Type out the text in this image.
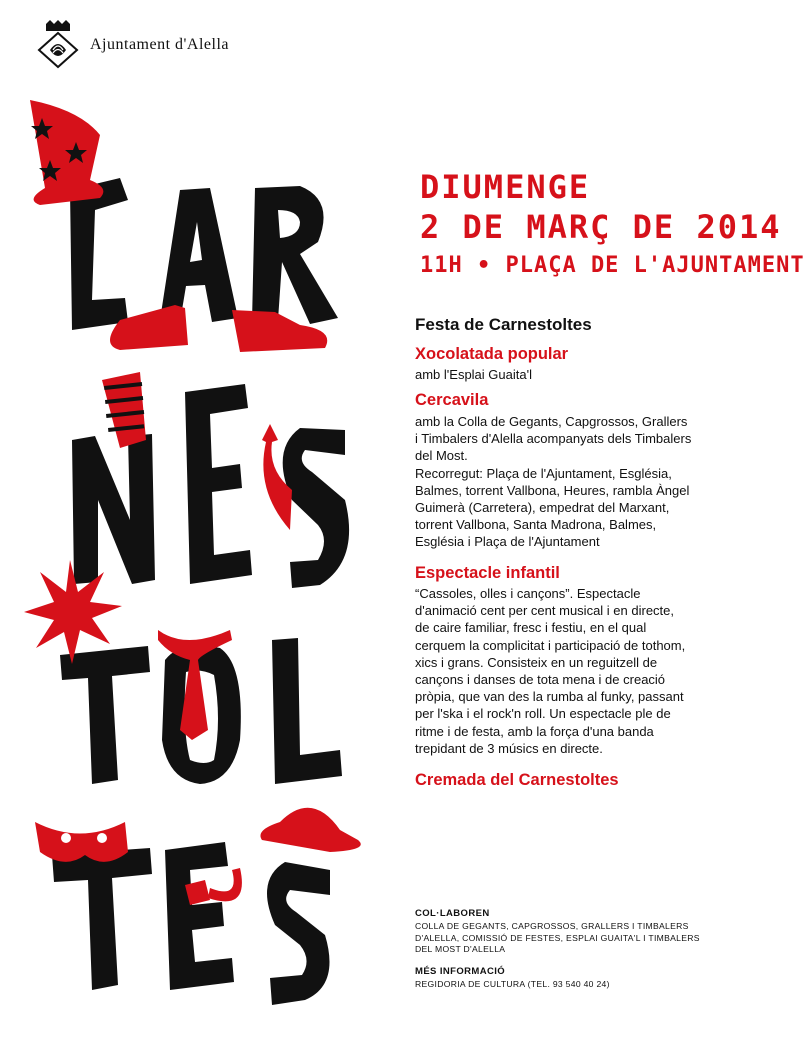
Ajuntament d'Alella
DIUMENGE
2 DE MARÇ DE 2014
11H • PLAÇA DE L'AJUNTAMENT
Festa de Carnestoltes
Xocolatada popular
amb l'Esplai Guaita'l
Cercavila
amb la Colla de Gegants, Capgrossos, Grallers
i Timbalers d'Alella acompanyats dels Timbalers
del Most.
Recorregut: Plaça de l'Ajuntament, Església,
Balmes, torrent Vallbona, Heures, rambla Àngel
Guimerà (Carretera), empedrat del Marxant,
torrent Vallbona, Santa Madrona, Balmes,
Església i Plaça de l'Ajuntament
Espectacle infantil
“Cassoles, olles i cançons”. Espectacle
d'animació cent per cent musical i en directe,
de caire familiar, fresc i festiu, en el qual
cerquem la complicitat i participació de tothom,
xics i grans. Consisteix en un reguitzell de
cançons i danses de tota mena i de creació
pròpia, que van des la rumba al funky, passant
per l'ska i el rock'n roll. Un espectacle ple de
ritme i de festa, amb la força d'una banda
trepidant de 3 músics en directe.
Cremada del Carnestoltes
COL·LABOREN
COLLA DE GEGANTS, CAPGROSSOS, GRALLERS I TIMBALERS
D'ALELLA, COMISSIÓ DE FESTES, ESPLAI GUAITA'L I TIMBALERS
DEL MOST D'ALELLA
MÉS INFORMACIÓ
REGIDORIA DE CULTURA (TEL. 93 540 40 24)
